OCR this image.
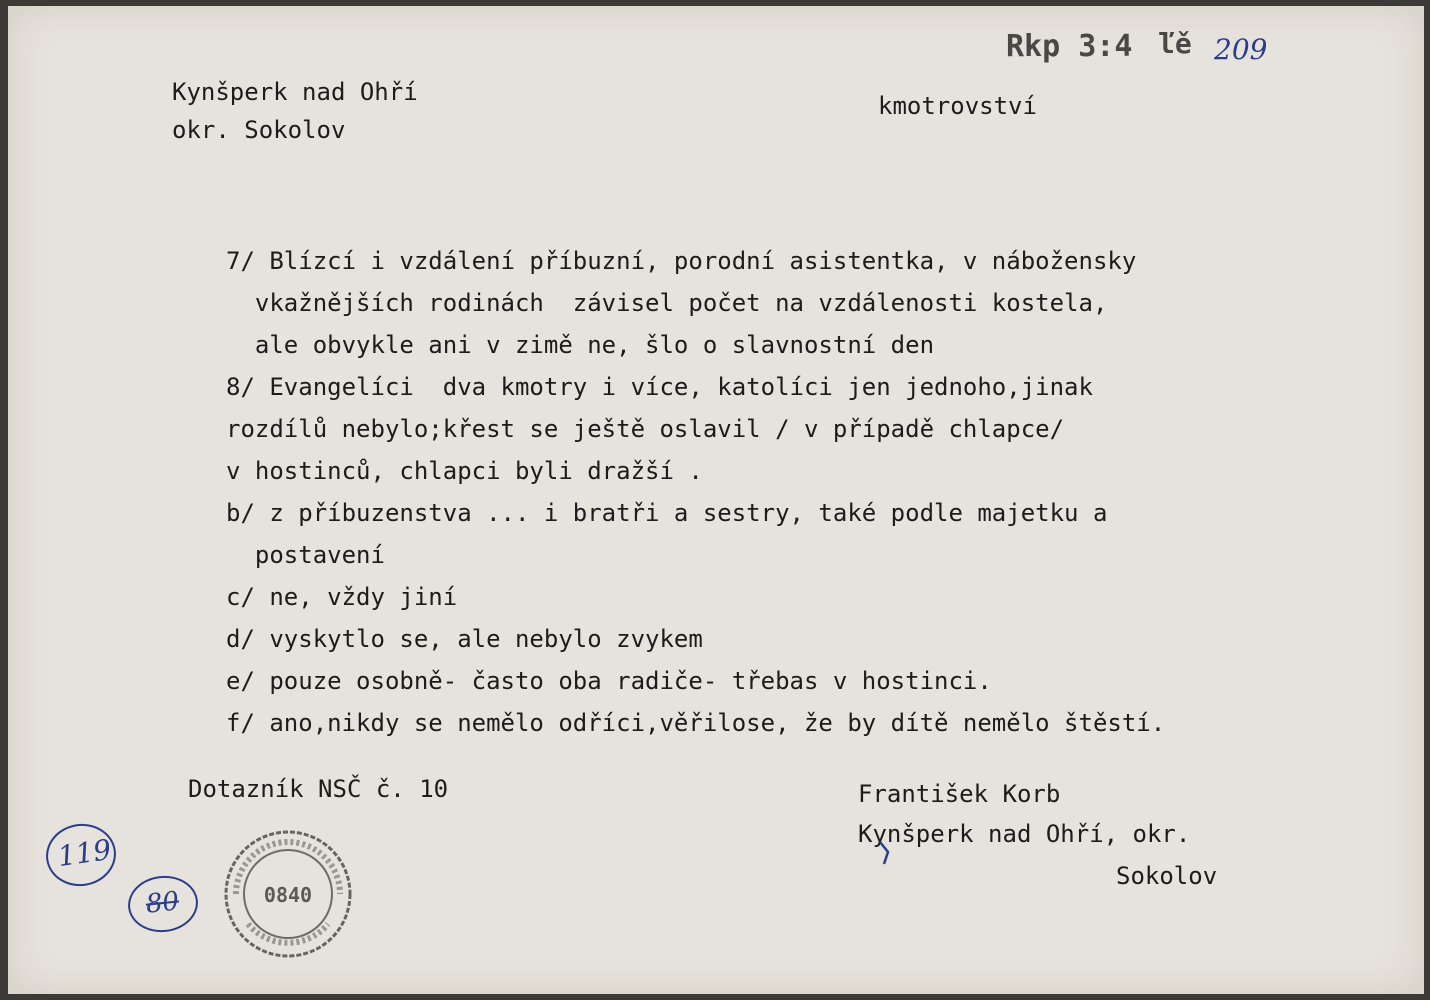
Rkp 3:4 ľě 209
Kynšperk nad Ohří
okr. Sokolov
kmotrovství
7/ Blízcí i vzdálení příbuzní, porodní asistentka, v nábožensky
vkažnějších rodinách  závisel počet na vzdálenosti kostela,
ale obvykle ani v zimě ne, šlo o slavnostní den
8/ Evangelíci  dva kmotry i více, katolíci jen jednoho,jinak
rozdílů nebylo;křest se ještě oslavil / v případě chlapce/
v hostinců, chlapci byli dražší .
b/ z příbuzenstva ... i bratři a sestry, také podle majetku a
postavení
c/ ne, vždy jiní
d/ vyskytlo se, ale nebylo zvykem
e/ pouze osobně- často oba radiče- třebas v hostinci.
f/ ano,nikdy se nemělo odříci,věřilose, že by dítě nemělo štěstí.
Dotazník NSČ č. 10	František Korb
Kynšperk nad Ohří, okr.
Sokolov
119
80	0840
